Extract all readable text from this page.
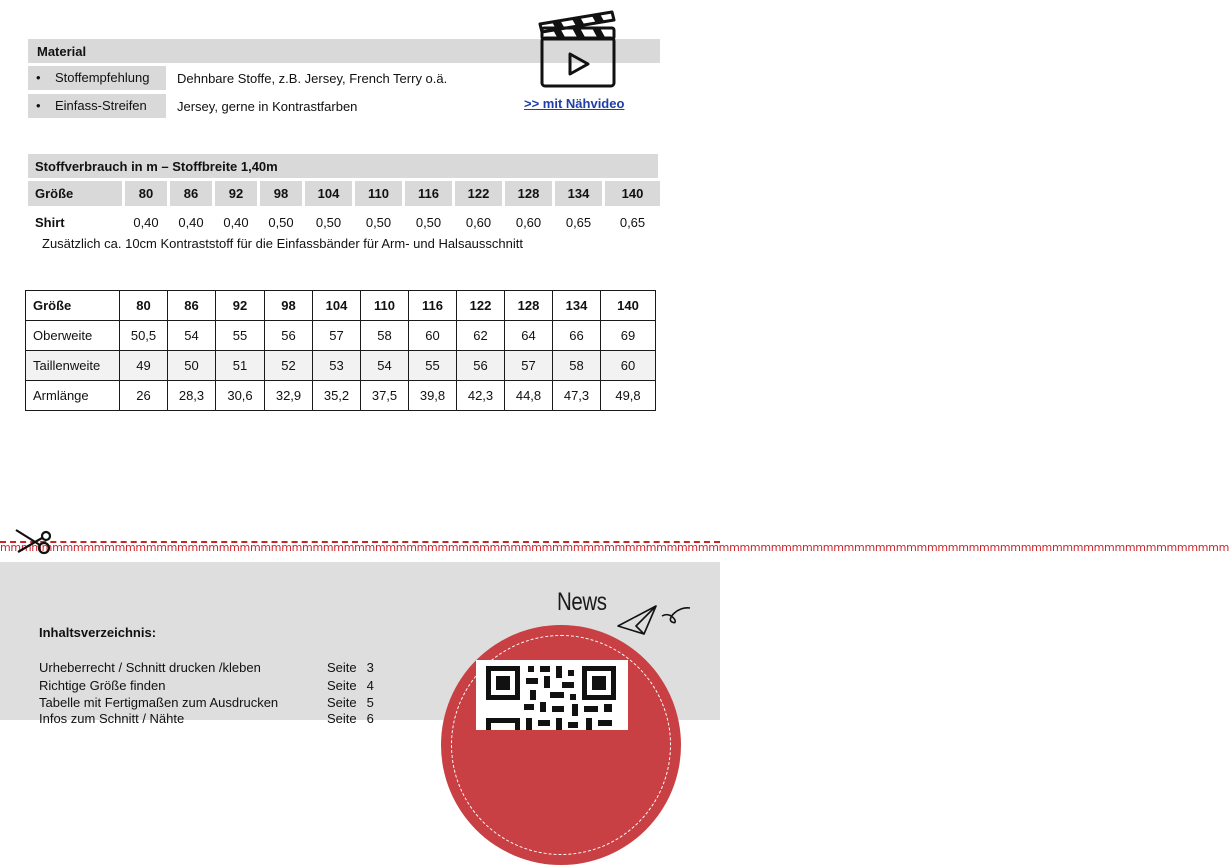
Material
• Stoffempfehlung	Dehnbare Stoffe, z.B. Jersey, French Terry o.ä.
• Einfass-Streifen	Jersey, gerne in Kontrastfarben	>> mit Nähvideo
Stoffverbrauch in m – Stoffbreite 1,40m
Größe	80	86	92	98	104	110	116	122	128	134	140
Shirt	0,40	0,40	0,40	0,50	0,50	0,50	0,50	0,60	0,60	0,65	0,65
Zusätzlich ca. 10cm Kontraststoff für die Einfassbänder für Arm- und Halsausschnitt
Größe	80	86	92	98	104	110	116	122	128	134	140
Oberweite	50,5	54	55	56	57	58	60	62	64	66	69
Taillenweite	49	50	51	52	53	54	55	56	57	58	60
Armlänge	26	28,3	30,6	32,9	35,2	37,5	39,8	42,3	44,8	47,3	49,8
mmmmmmmmmmmmmmmmmmmmmmmmmmmmmmmmmmmmmmmmmmmmmmmmmmmmmmmmmmmmmmmmmmmmmmmmmmmmmmmmmmmmmmmmmmmmmmmmmmmmmmmmmmmmmmmmmmmmmm
Inhaltsverzeichnis:
Urheberrecht / Schnitt drucken /kleben	Seite 3
Richtige Größe finden	Seite 4
Tabelle mit Fertigmaßen zum Ausdrucken	Seite 5
Infos zum Schnitt / Nähte	Seite 6
News
